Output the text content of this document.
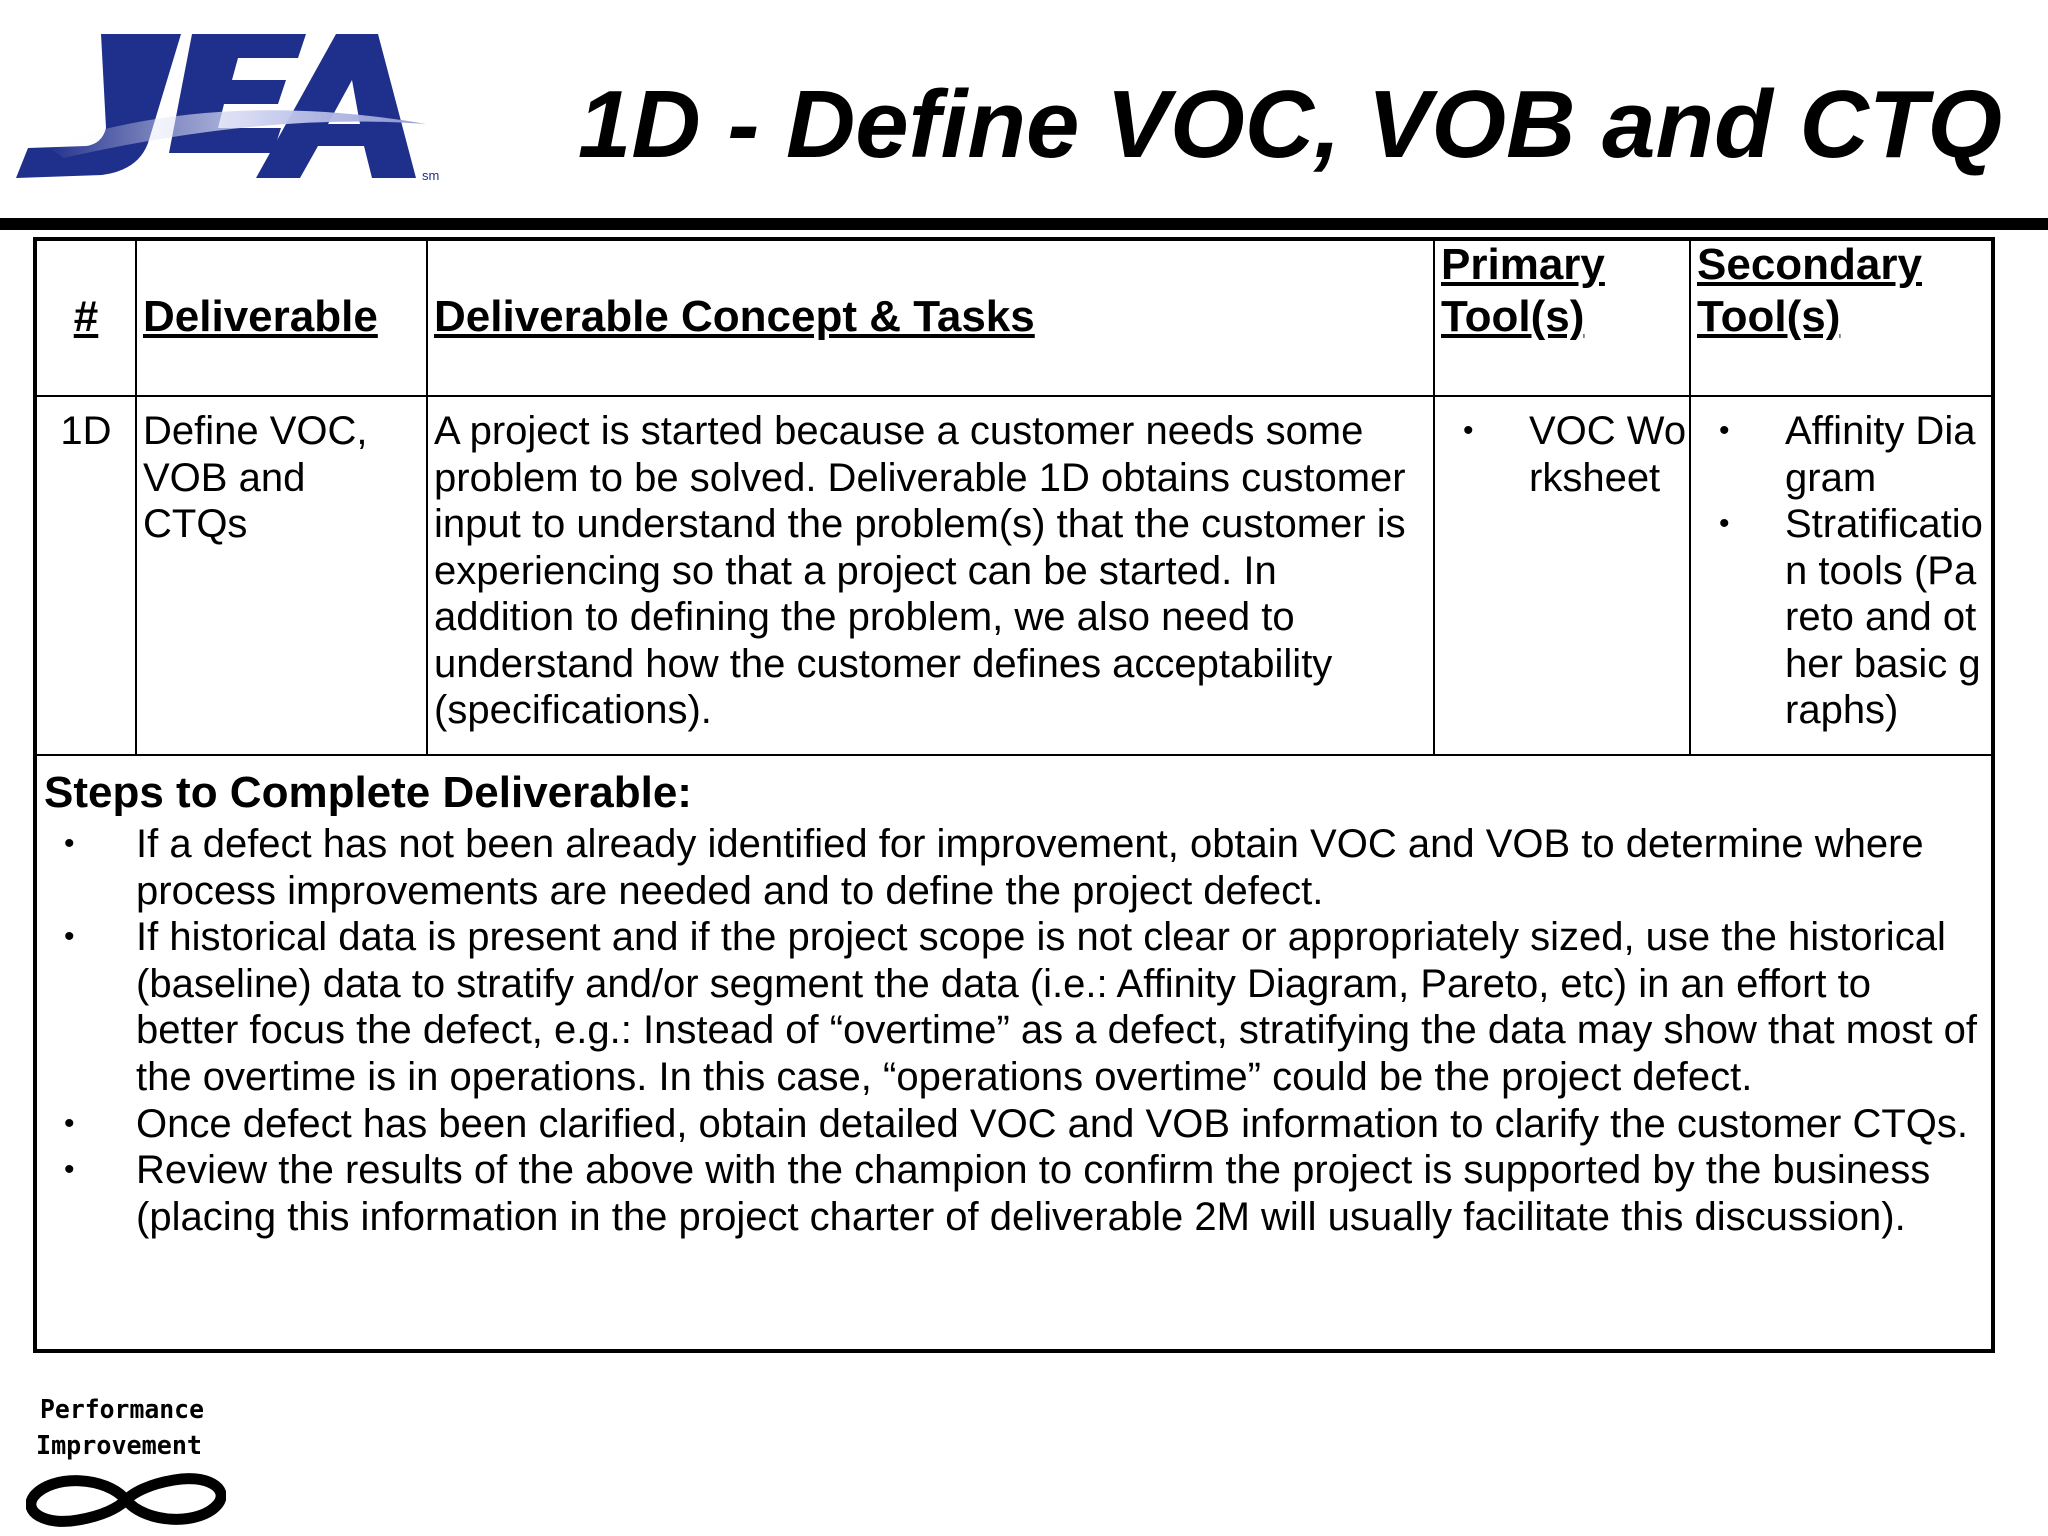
sm 1D - Define VOC, VOB and CTQ
#	Deliverable	Deliverable Concept & Tasks
Primary Tool(s)
Secondary Tool(s)
1D Define VOC, VOB and CTQs
A project is started because a customer needs some problem to be solved. Deliverable 1D obtains customer input to understand the problem(s) that the customer is experiencing so that a project can be started. In addition to defining the problem, we also need to understand how the customer defines acceptability (specifications).
• VOC Worksheet
• Affinity Diagram
• Stratification tools (Pareto and other basic graphs)
Steps to Complete Deliverable:
• If a defect has not been already identified for improvement, obtain VOC and VOB to determine where process improvements are needed and to define the project defect.
• If historical data is present and if the project scope is not clear or appropriately sized, use the historical (baseline) data to stratify and/or segment the data (i.e.: Affinity Diagram, Pareto, etc) in an effort to better focus the defect, e.g.: Instead of “overtime” as a defect, stratifying the data may show that most of the overtime is in operations. In this case, “operations overtime” could be the project defect.
• Once defect has been clarified, obtain detailed VOC and VOB information to clarify the customer CTQs.
• Review the results of the above with the champion to confirm the project is supported by the business (placing this information in the project charter of deliverable 2M will usually facilitate this discussion).
Performance
Improvement
